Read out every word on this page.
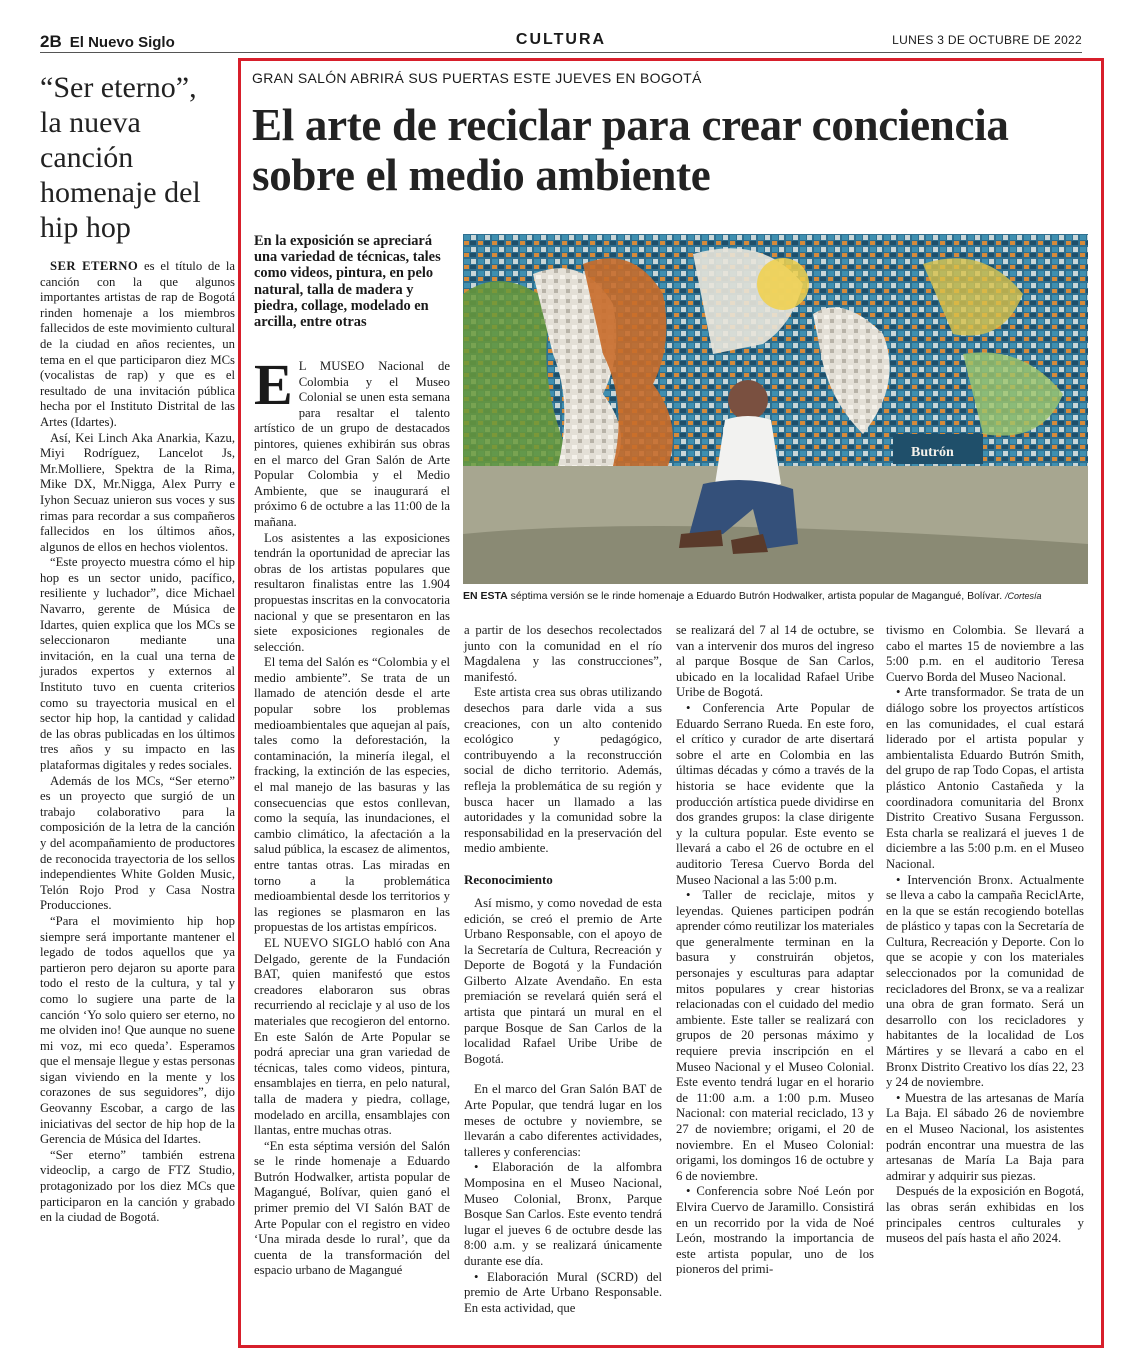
2B El Nuevo Siglo	CULTURA	LUNES 3 DE OCTUBRE DE 2022
“Ser eterno”,
la nueva canción homenaje del hip hop

SER ETERNO es el título de la canción con la que algunos importantes artistas de rap de Bogotá rinden homenaje a los miembros fallecidos de este movimiento cultural de la ciudad en años recientes, un tema en el que participaron diez MCs (vocalistas de rap) y que es el resultado de una invitación pública hecha por el Instituto Distrital de las Artes (Idartes).

Así, Kei Linch Aka Anarkia, Kazu, Miyi Rodríguez, Lancelot Js, Mr.Molliere, Spektra de la Rima, Mike DX, Mr.Nigga, Alex Purry e Iyhon Secuaz unieron sus voces y sus rimas para recordar a sus compañeros fallecidos en los últimos años, algunos de ellos en hechos violentos.

“Este proyecto muestra cómo el hip hop es un sector unido, pacífico, resiliente y luchador”, dice Michael Navarro, gerente de Música de Idartes, quien explica que los MCs se seleccionaron mediante una invitación, en la cual una terna de jurados expertos y externos al Instituto tuvo en cuenta criterios como su trayectoria musical en el sector hip hop, la cantidad y calidad de las obras publicadas en los últimos tres años y su impacto en las plataformas digitales y redes sociales.

Además de los MCs, “Ser eterno” es un proyecto que surgió de un trabajo colaborativo para la composición de la letra de la canción y del acompañamiento de productores de reconocida trayectoria de los sellos independientes White Golden Music, Telón Rojo Prod y Casa Nostra Producciones.

“Para el movimiento hip hop siempre será importante mantener el legado de todos aquellos que ya partieron pero dejaron su aporte para todo el resto de la cultura, y tal y como lo sugiere una parte de la canción ‘Yo solo quiero ser eterno, no me olviden ino! Que aunque no suene mi voz, mi eco queda’. Esperamos que el mensaje llegue y estas personas sigan viviendo en la mente y los corazones de sus seguidores”, dijo Geovanny Escobar, a cargo de las iniciativas del sector de hip hop de la Gerencia de Música del Idartes.

“Ser eterno” también estrena videoclip, a cargo de FTZ Studio, protagonizado por los diez MCs que participaron en la canción y grabado en la ciudad de Bogotá.

GRAN SALÓN ABRIRÁ SUS PUERTAS ESTE JUEVES EN BOGOTÁ
El arte de reciclar para crear conciencia sobre el medio ambiente
En la exposición se apreciará una variedad de técnicas, tales como videos, pintura, en pelo natural, talla de madera y piedra, collage, modelado en arcilla, entre otras
Butrón
EN ESTA séptima versión se le rinde homenaje a Eduardo Butrón Hodwalker, artista popular de Magangué, Bolívar. /Cortesía

E L MUSEO Nacional de Colombia y el Museo Colonial se unen esta semana para resaltar el talento artístico de un grupo de destacados pintores, quienes exhibirán sus obras en el marco del Gran Salón de Arte Popular Colombia y el Medio Ambiente, que se inaugurará el próximo 6 de octubre a las 11:00 de la mañana.

Los asistentes a las exposiciones tendrán la oportunidad de apreciar las obras de los artistas populares que resultaron finalistas entre las 1.904 propuestas inscritas en la convocatoria nacional y que se presentaron en las siete exposiciones regionales de selección.

El tema del Salón es “Colombia y el medio ambiente”. Se trata de un llamado de atención desde el arte popular sobre los problemas medioambientales que aquejan al país, tales como la deforestación, la contaminación, la minería ilegal, el fracking, la extinción de las especies, el mal manejo de las basuras y las consecuencias que estos conllevan, como la sequía, las inundaciones, el cambio climático, la afectación a la salud pública, la escasez de alimentos, entre tantas otras. Las miradas en torno a la problemática medioambiental desde los territorios y las regiones se plasmaron en las propuestas de los artistas empíricos.

EL NUEVO SIGLO habló con Ana Delgado, gerente de la Fundación BAT, quien manifestó que estos creadores elaboraron sus obras recurriendo al reciclaje y al uso de los materiales que recogieron del entorno. En este Salón de Arte Popular se podrá apreciar una gran variedad de técnicas, tales como videos, pintura, ensamblajes en tierra, en pelo natural, talla de madera y piedra, collage, modelado en arcilla, ensamblajes con llantas, entre muchas otras.

“En esta séptima versión del Salón se le rinde homenaje a Eduardo Butrón Hodwalker, artista popular de Magangué, Bolívar, quien ganó el primer premio del VI Salón BAT de Arte Popular con el registro en video ‘Una mirada desde lo rural’, que da cuenta de la transformación del espacio urbano de Magangué

a partir de los desechos recolectados junto con la comunidad en el río Magdalena y las construcciones”, manifestó.

Este artista crea sus obras utilizando desechos para darle vida a sus creaciones, con un alto contenido ecológico y pedagógico, contribuyendo a la reconstrucción social de dicho territorio. Además, refleja la problemática de su región y busca hacer un llamado a las autoridades y la comunidad sobre la responsabilidad en la preservación del medio ambiente.

Reconocimiento

Así mismo, y como novedad de esta edición, se creó el premio de Arte Urbano Responsable, con el apoyo de la Secretaría de Cultura, Recreación y Deporte de Bogotá y la Fundación Gilberto Alzate Avendaño. En esta premiación se revelará quién será el artista que pintará un mural en el parque Bosque de San Carlos de la localidad Rafael Uribe Uribe de Bogotá.

En el marco del Gran Salón BAT de Arte Popular, que tendrá lugar en los meses de octubre y noviembre, se llevarán a cabo diferentes actividades, talleres y conferencias:

• Elaboración de la alfombra Momposina en el Museo Nacional, Museo Colonial, Bronx, Parque Bosque San Carlos. Este evento tendrá lugar el jueves 6 de octubre desde las 8:00 a.m. y se realizará únicamente durante ese día.

• Elaboración Mural (SCRD) del premio de Arte Urbano Responsable. En esta actividad, que

se realizará del 7 al 14 de octubre, se van a intervenir dos muros del ingreso al parque Bosque de San Carlos, ubicado en la localidad Rafael Uribe Uribe de Bogotá.

• Conferencia Arte Popular de Eduardo Serrano Rueda. En este foro, el crítico y curador de arte disertará sobre el arte en Colombia en las últimas décadas y cómo a través de la historia se hace evidente que la producción artística puede dividirse en dos grandes grupos: la clase dirigente y la cultura popular. Este evento se llevará a cabo el 26 de octubre en el auditorio Teresa Cuervo Borda del Museo Nacional a las 5:00 p.m.

• Taller de reciclaje, mitos y leyendas. Quienes participen podrán aprender cómo reutilizar los materiales que generalmente terminan en la basura y construirán objetos, personajes y esculturas para adaptar mitos populares y crear historias relacionadas con el cuidado del medio ambiente. Este taller se realizará con grupos de 20 personas máximo y requiere previa inscripción en el Museo Nacional y el Museo Colonial. Este evento tendrá lugar en el horario de 11:00 a.m. a 1:00 p.m. Museo Nacional: con material reciclado, 13 y 27 de noviembre; origami, el 20 de noviembre. En el Museo Colonial: origami, los domingos 16 de octubre y 6 de noviembre.

• Conferencia sobre Noé León por Elvira Cuervo de Jaramillo. Consistirá en un recorrido por la vida de Noé León, mostrando la importancia de este artista popular, uno de los pioneros del primi-

tivismo en Colombia. Se llevará a cabo el martes 15 de noviembre a las 5:00 p.m. en el auditorio Teresa Cuervo Borda del Museo Nacional.

• Arte transformador. Se trata de un diálogo sobre los proyectos artísticos en las comunidades, el cual estará liderado por el artista popular y ambientalista Eduardo Butrón Smith, del grupo de rap Todo Copas, el artista plástico Antonio Castañeda y la coordinadora comunitaria del Bronx Distrito Creativo Susana Fergusson. Esta charla se realizará el jueves 1 de diciembre a las 5:00 p.m. en el Museo Nacional.

• Intervención Bronx. Actualmente se lleva a cabo la campaña ReciclArte, en la que se están recogiendo botellas de plástico y tapas con la Secretaría de Cultura, Recreación y Deporte. Con lo que se acopie y con los materiales seleccionados por la comunidad de recicladores del Bronx, se va a realizar una obra de gran formato. Será un desarrollo con los recicladores y habitantes de la localidad de Los Mártires y se llevará a cabo en el Bronx Distrito Creativo los días 22, 23 y 24 de noviembre.

• Muestra de las artesanas de María La Baja. El sábado 26 de noviembre en el Museo Nacional, los asistentes podrán encontrar una muestra de las artesanas de María La Baja para admirar y adquirir sus piezas.

Después de la exposición en Bogotá, las obras serán exhibidas en los principales centros culturales y museos del país hasta el año 2024.
